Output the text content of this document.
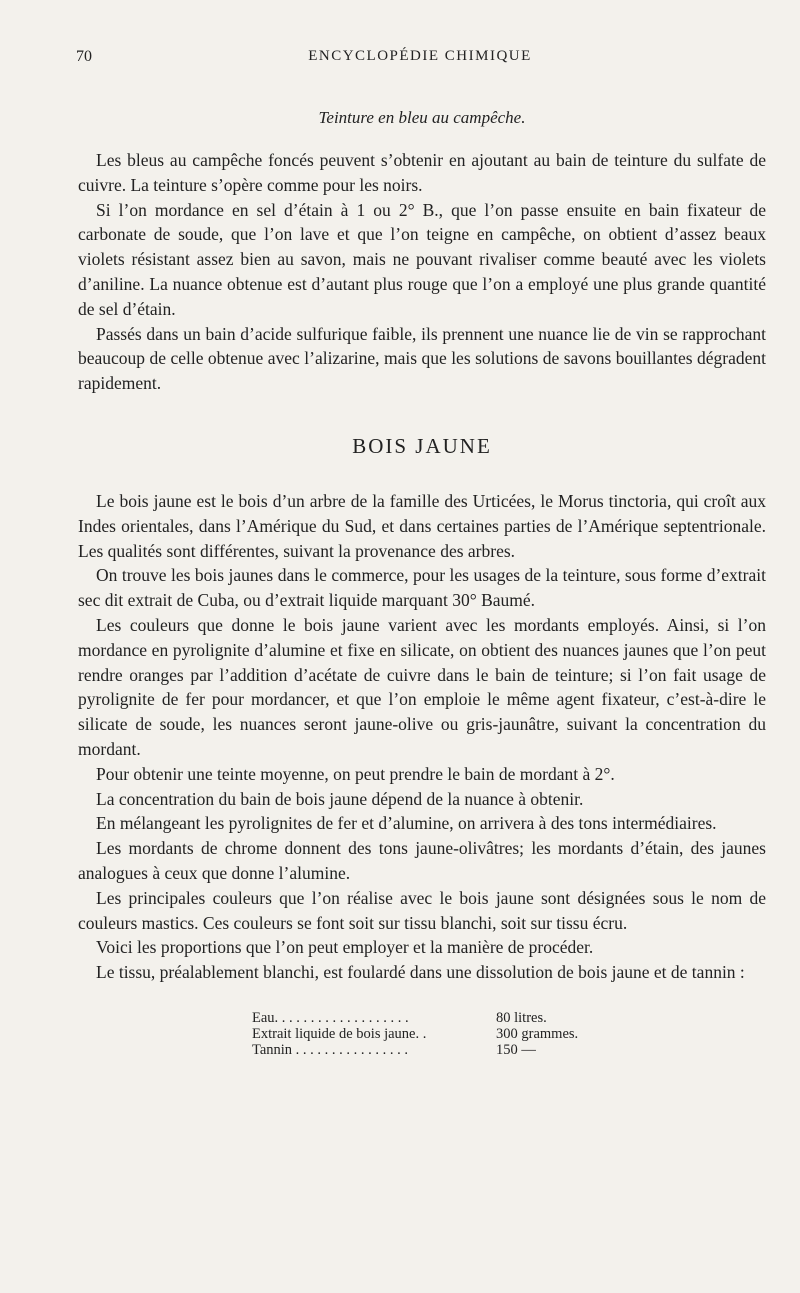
70	ENCYCLOPÉDIE CHIMIQUE
Teinture en bleu au campêche.

Les bleus au campêche foncés peuvent s’obtenir en ajoutant au bain de teinture du sulfate de cuivre. La teinture s’opère comme pour les noirs.

Si l’on mordance en sel d’étain à 1 ou 2° B., que l’on passe ensuite en bain fixateur de carbonate de soude, que l’on lave et que l’on teigne en campêche, on obtient d’assez beaux violets résistant assez bien au savon, mais ne pouvant rivaliser comme beauté avec les violets d’aniline. La nuance obtenue est d’autant plus rouge que l’on a employé une plus grande quantité de sel d’étain.

Passés dans un bain d’acide sulfurique faible, ils prennent une nuance lie de vin se rapprochant beaucoup de celle obtenue avec l’alizarine, mais que les solutions de savons bouillantes dégradent rapidement.

BOIS JAUNE

Le bois jaune est le bois d’un arbre de la famille des Urticées, le Morus tinctoria, qui croît aux Indes orientales, dans l’Amérique du Sud, et dans certaines parties de l’Amérique septentrionale. Les qualités sont différentes, suivant la provenance des arbres.

On trouve les bois jaunes dans le commerce, pour les usages de la teinture, sous forme d’extrait sec dit extrait de Cuba, ou d’extrait liquide marquant 30° Baumé.

Les couleurs que donne le bois jaune varient avec les mordants employés. Ainsi, si l’on mordance en pyrolignite d’alumine et fixe en silicate, on obtient des nuances jaunes que l’on peut rendre oranges par l’addition d’acétate de cuivre dans le bain de teinture; si l’on fait usage de pyrolignite de fer pour mordancer, et que l’on emploie le même agent fixateur, c’est-à-dire le silicate de soude, les nuances seront jaune-olive ou gris-jaunâtre, suivant la concentration du mordant.

Pour obtenir une teinte moyenne, on peut prendre le bain de mordant à 2°.

La concentration du bain de bois jaune dépend de la nuance à obtenir.

En mélangeant les pyrolignites de fer et d’alumine, on arrivera à des tons intermédiaires.

Les mordants de chrome donnent des tons jaune-olivâtres; les mordants d’étain, des jaunes analogues à ceux que donne l’alumine.

Les principales couleurs que l’on réalise avec le bois jaune sont désignées sous le nom de couleurs mastics. Ces couleurs se font soit sur tissu blanchi, soit sur tissu écru.

Voici les proportions que l’on peut employer et la manière de procéder.

Le tissu, préalablement blanchi, est foulardé dans une dissolution de bois jaune et de tannin :

Eau. . . . . . . . . . . . . . . . . . .	80 litres.
Extrait liquide de bois jaune. .	300 grammes.
Tannin . . . . . . . . . . . . . . . .	150 —
